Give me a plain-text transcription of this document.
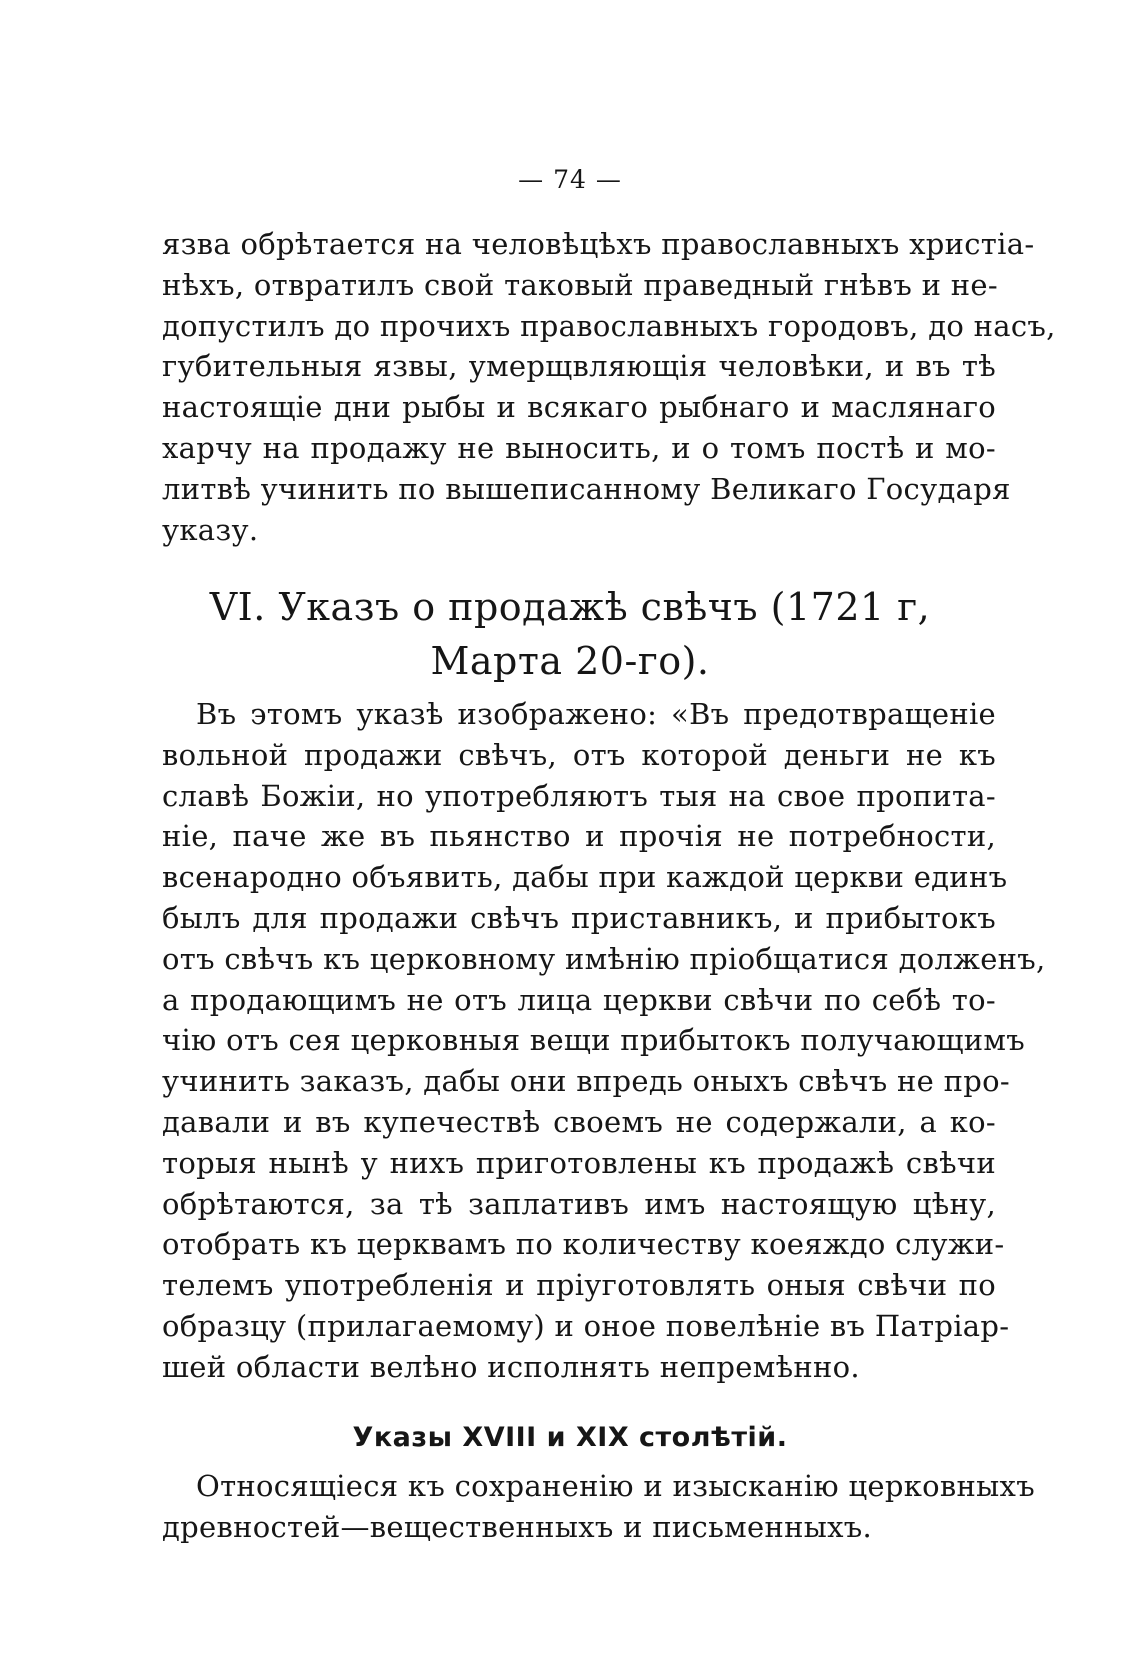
— 74 —
язва обрѣтается на человѣцѣхъ православныхъ христіа-
нѣхъ, отвратилъ свой таковый праведный гнѣвъ и не-
допустилъ до прочихъ православныхъ городовъ, до насъ,
губительныя язвы, умерщвляющія человѣки, и въ тѣ
настоящіе дни рыбы и всякаго рыбнаго и маслянаго
харчу на продажу не выносить, и о томъ постѣ и мо-
литвѣ учинить по вышеписанному Великаго Государя
указу.
VI. Указъ о продажѣ свѣчъ (1721 г,
Марта 20-го).
Въ этомъ указѣ изображено: «Въ предотвращеніе
вольной продажи свѣчъ, отъ которой деньги не къ
славѣ Божіи, но употребляютъ тыя на свое пропита-
ніе, паче же въ пьянство и прочія не потребности,
всенародно объявить, дабы при каждой церкви единъ
былъ для продажи свѣчъ приставникъ, и прибытокъ
отъ свѣчъ къ церковному имѣнію пріобщатися долженъ,
а продающимъ не отъ лица церкви свѣчи по себѣ то-
чію отъ сея церковныя вещи прибытокъ получающимъ
учинить заказъ, дабы они впредь оныхъ свѣчъ не про-
давали и въ купечествѣ своемъ не содержали, а ко-
торыя нынѣ у нихъ приготовлены къ продажѣ свѣчи
обрѣтаются, за тѣ заплативъ имъ настоящую цѣну,
отобрать къ церквамъ по количеству коеяждо служи-
телемъ употребленія и пріуготовлять оныя свѣчи по
образцу (прилагаемому) и оное повелѣніе въ Патріар-
шей области велѣно исполнять непремѣнно.
Указы XVIII и XIX столѣтій.
Относящіеся къ сохраненію и изысканію церковныхъ
древностей—вещественныхъ и письменныхъ.
